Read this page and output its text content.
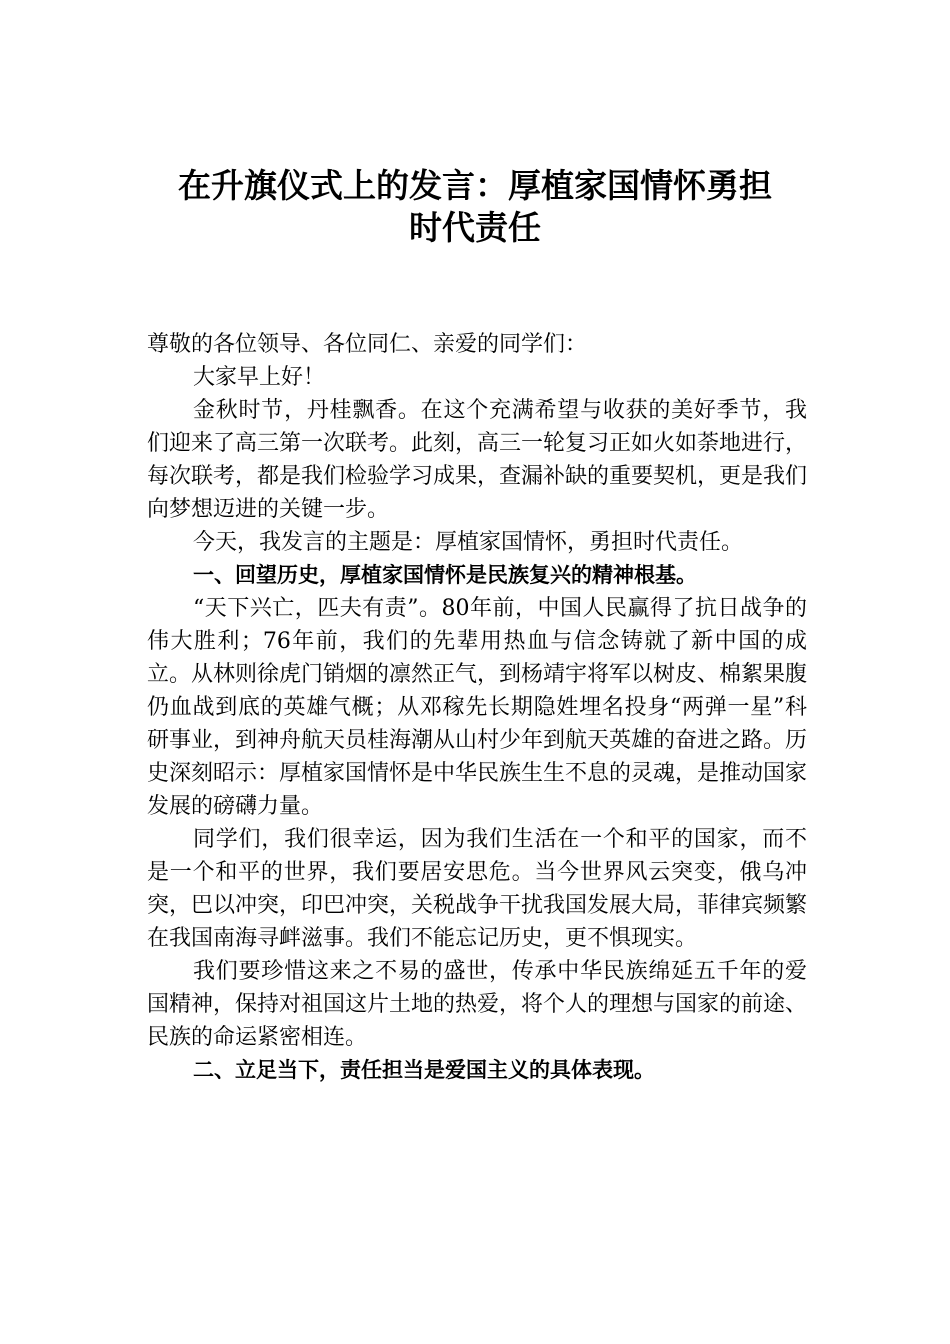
在升旗仪式上的发言：厚植家国情怀勇担
时代责任

尊敬的各位领导、各位同仁、亲爱的同学们：

大家早上好！

金秋时节，丹桂飘香。在这个充满希望与收获的美好季节，我们迎来了高三第一次联考。此刻，高三一轮复习正如火如荼地进行，每次联考，都是我们检验学习成果，查漏补缺的重要契机，更是我们向梦想迈进的关键一步。

今天，我发言的主题是：厚植家国情怀，勇担时代责任。

一、回望历史，厚植家国情怀是民族复兴的精神根基。

“天下兴亡，匹夫有责”。80年前，中国人民赢得了抗日战争的伟大胜利；76年前，我们的先辈用热血与信念铸就了新中国的成立。从林则徐虎门销烟的凛然正气，到杨靖宇将军以树皮、棉絮果腹仍血战到底的英雄气概；从邓稼先长期隐姓埋名投身“两弹一星”科研事业，到神舟航天员桂海潮从山村少年到航天英雄的奋进之路。历史深刻昭示：厚植家国情怀是中华民族生生不息的灵魂，是推动国家发展的磅礴力量。

同学们，我们很幸运，因为我们生活在一个和平的国家，而不是一个和平的世界，我们要居安思危。当今世界风云突变，俄乌冲突，巴以冲突，印巴冲突，关税战争干扰我国发展大局，菲律宾频繁在我国南海寻衅滋事。我们不能忘记历史，更不惧现实。

我们要珍惜这来之不易的盛世，传承中华民族绵延五千年的爱国精神，保持对祖国这片土地的热爱，将个人的理想与国家的前途、民族的命运紧密相连。

二、立足当下，责任担当是爱国主义的具体表现。
